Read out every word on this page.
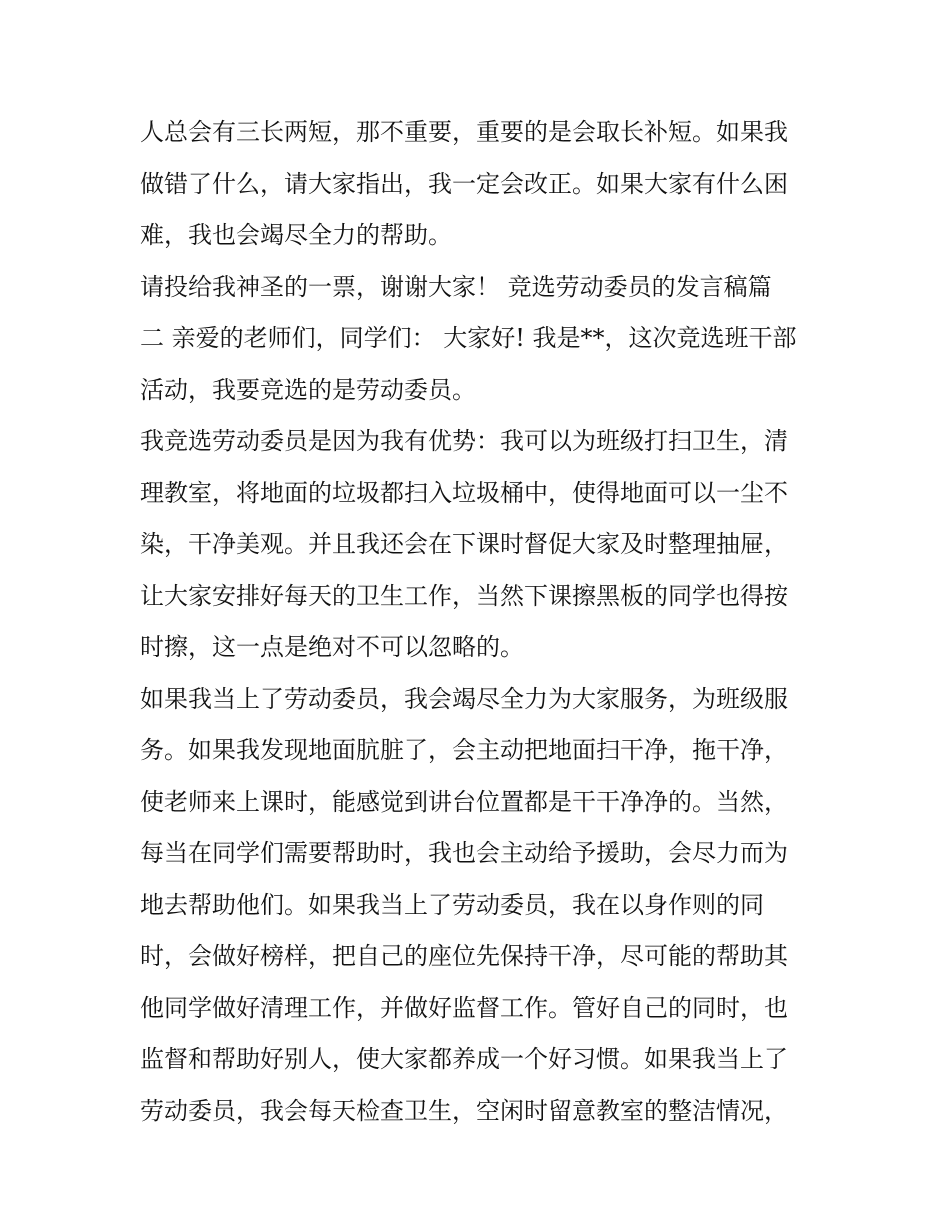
人总会有三长两短，那不重要，重要的是会取长补短。如果我
做错了什么，请大家指出，我一定会改正。如果大家有什么困
难，我也会竭尽全力的帮助。
请投给我神圣的一票，谢谢大家！ 竞选劳动委员的发言稿篇
二 亲爱的老师们，同学们： 大家好! 我是**，这次竞选班干部
活动，我要竞选的是劳动委员。
我竞选劳动委员是因为我有优势：我可以为班级打扫卫生，清
理教室，将地面的垃圾都扫入垃圾桶中，使得地面可以一尘不
染，干净美观。并且我还会在下课时督促大家及时整理抽屉，
让大家安排好每天的卫生工作，当然下课擦黑板的同学也得按
时擦，这一点是绝对不可以忽略的。
如果我当上了劳动委员，我会竭尽全力为大家服务，为班级服
务。如果我发现地面肮脏了，会主动把地面扫干净，拖干净，
使老师来上课时，能感觉到讲台位置都是干干净净的。当然，
每当在同学们需要帮助时，我也会主动给予援助，会尽力而为
地去帮助他们。如果我当上了劳动委员，我在以身作则的同
时，会做好榜样，把自己的座位先保持干净，尽可能的帮助其
他同学做好清理工作，并做好监督工作。管好自己的同时，也
监督和帮助好别人，使大家都养成一个好习惯。如果我当上了
劳动委员，我会每天检查卫生，空闲时留意教室的整洁情况，
